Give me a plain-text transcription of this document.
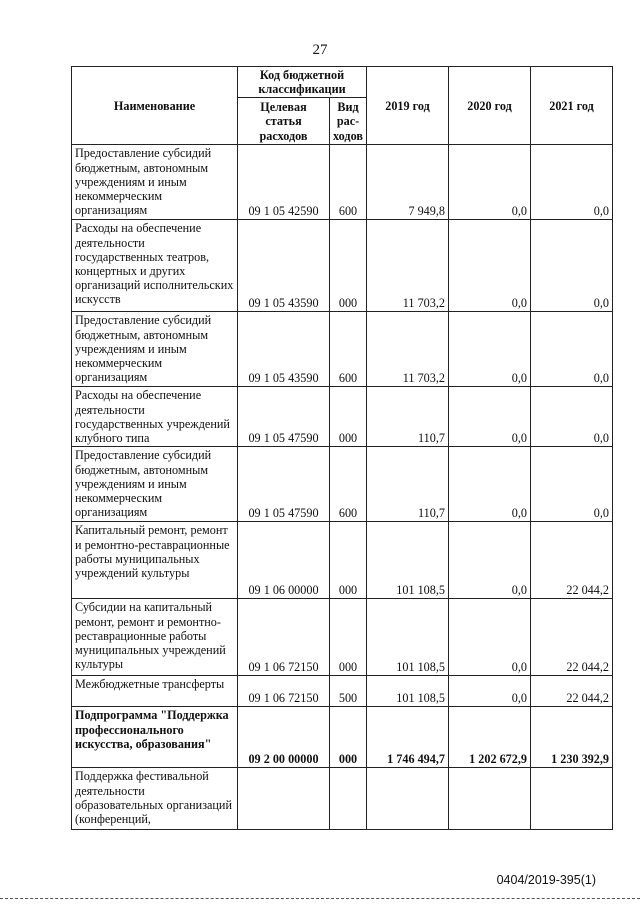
27
Наименование	Код бюджетной классификации		2019 год	2020 год	2021 год
	Целевая статья расходов	Вид рас- ходов			
Предоставление субсидий бюджетным, автономным учреждениям и иным некоммерческим организациям	09 1 05 42590	600	7 949,8	0,0	0,0
Расходы на обеспечение деятельности государственных театров, концертных и других организаций исполнительских искусств	09 1 05 43590	000	11 703,2	0,0	0,0
Предоставление субсидий бюджетным, автономным учреждениям и иным некоммерческим организациям	09 1 05 43590	600	11 703,2	0,0	0,0
Расходы на обеспечение деятельности государственных учреждений клубного типа	09 1 05 47590	000	110,7	0,0	0,0
Предоставление субсидий бюджетным, автономным учреждениям и иным некоммерческим организациям	09 1 05 47590	600	110,7	0,0	0,0
Капитальный ремонт, ремонт и ремонтно-реставрационные работы муниципальных учреждений культуры	09 1 06 00000	000	101 108,5	0,0	22 044,2
Субсидии на капитальный ремонт, ремонт и ремонтно-реставрационные работы муниципальных учреждений культуры	09 1 06 72150	000	101 108,5	0,0	22 044,2
Межбюджетные трансферты	09 1 06 72150	500	101 108,5	0,0	22 044,2
Подпрограмма "Поддержка профессионального искусства, образования"	09 2 00 00000	000	1 746 494,7	1 202 672,9	1 230 392,9
Поддержка фестивальной деятельности образовательных организаций (конференций,					
0404/2019-395(1)
